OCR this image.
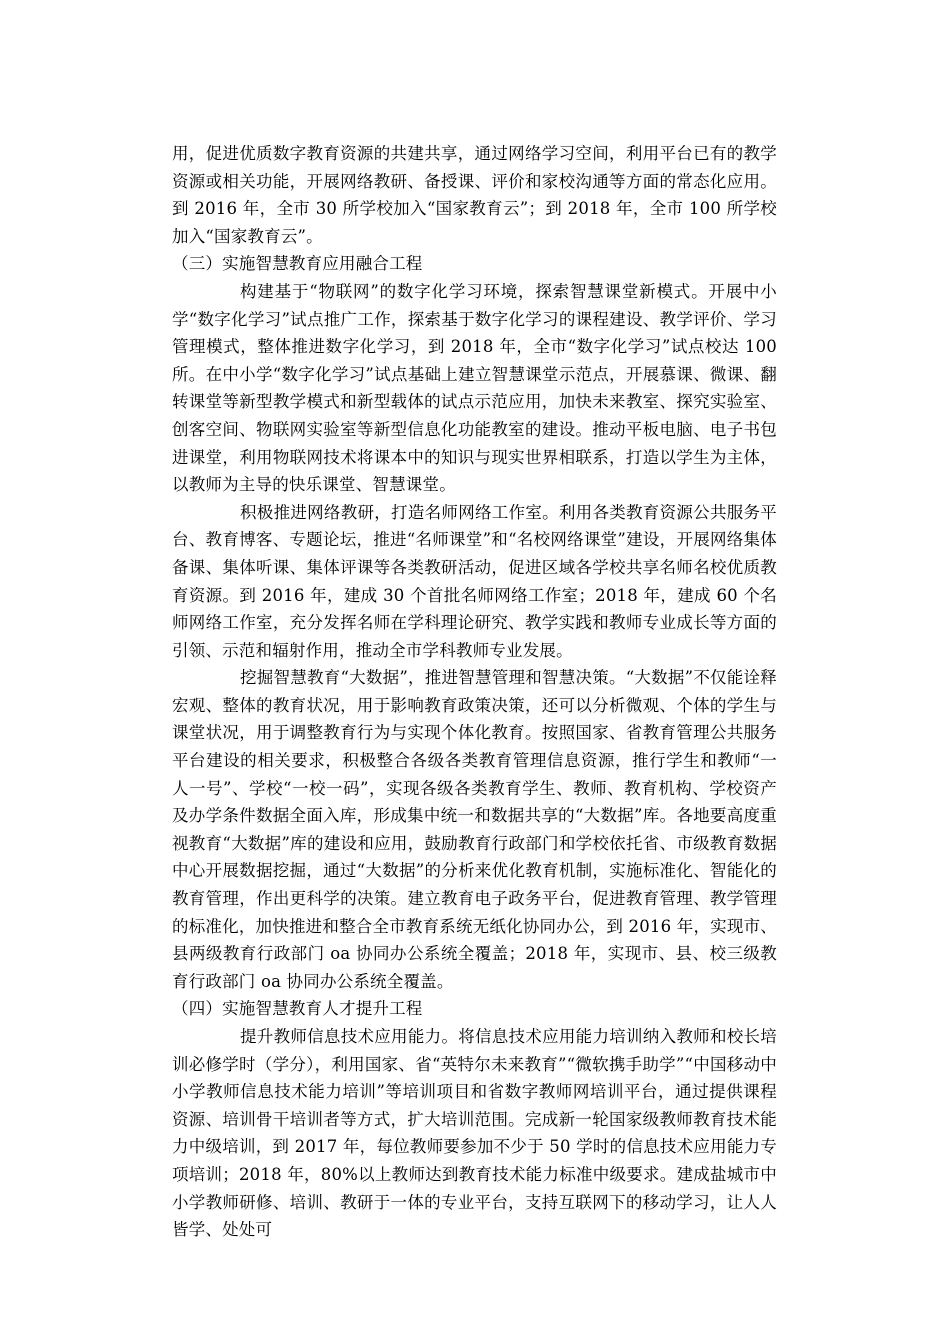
用，促进优质数字教育资源的共建共享，通过网络学习空间，利用平台已有的教学资源或相关功能，开展网络教研、备授课、评价和家校沟通等方面的常态化应用。到 2016 年，全市 30 所学校加入“国家教育云”；到 2018 年，全市 100 所学校加入“国家教育云”。

（三）实施智慧教育应用融合工程

构建基于“物联网”的数字化学习环境，探索智慧课堂新模式。开展中小学“数字化学习”试点推广工作，探索基于数字化学习的课程建设、教学评价、学习管理模式，整体推进数字化学习，到 2018 年，全市“数字化学习”试点校达 100 所。在中小学“数字化学习”试点基础上建立智慧课堂示范点，开展慕课、微课、翻转课堂等新型教学模式和新型载体的试点示范应用，加快未来教室、探究实验室、创客空间、物联网实验室等新型信息化功能教室的建设。推动平板电脑、电子书包进课堂，利用物联网技术将课本中的知识与现实世界相联系，打造以学生为主体，以教师为主导的快乐课堂、智慧课堂。

积极推进网络教研，打造名师网络工作室。利用各类教育资源公共服务平台、教育博客、专题论坛，推进“名师课堂”和“名校网络课堂”建设，开展网络集体备课、集体听课、集体评课等各类教研活动，促进区域各学校共享名师名校优质教育资源。到 2016 年，建成 30 个首批名师网络工作室；2018 年，建成 60 个名师网络工作室，充分发挥名师在学科理论研究、教学实践和教师专业成长等方面的引领、示范和辐射作用，推动全市学科教师专业发展。

挖掘智慧教育“大数据”，推进智慧管理和智慧决策。“大数据”不仅能诠释宏观、整体的教育状况，用于影响教育政策决策，还可以分析微观、个体的学生与课堂状况，用于调整教育行为与实现个体化教育。按照国家、省教育管理公共服务平台建设的相关要求，积极整合各级各类教育管理信息资源，推行学生和教师“一人一号”、学校“一校一码”，实现各级各类教育学生、教师、教育机构、学校资产及办学条件数据全面入库，形成集中统一和数据共享的“大数据”库。各地要高度重视教育“大数据”库的建设和应用，鼓励教育行政部门和学校依托省、市级教育数据中心开展数据挖掘，通过“大数据”的分析来优化教育机制，实施标准化、智能化的教育管理，作出更科学的决策。建立教育电子政务平台，促进教育管理、教学管理的标准化，加快推进和整合全市教育系统无纸化协同办公，到 2016 年，实现市、县两级教育行政部门 oa 协同办公系统全覆盖；2018 年，实现市、县、校三级教育行政部门 oa 协同办公系统全覆盖。

（四）实施智慧教育人才提升工程

提升教师信息技术应用能力。将信息技术应用能力培训纳入教师和校长培训必修学时（学分），利用国家、省“英特尔未来教育”“微软携手助学”“中国移动中小学教师信息技术能力培训”等培训项目和省数字教师网培训平台，通过提供课程资源、培训骨干培训者等方式，扩大培训范围。完成新一轮国家级教师教育技术能力中级培训，到 2017 年，每位教师要参加不少于 50 学时的信息技术应用能力专项培训；2018 年，80%以上教师达到教育技术能力标准中级要求。建成盐城市中小学教师研修、培训、教研于一体的专业平台，支持互联网下的移动学习，让人人皆学、处处可
